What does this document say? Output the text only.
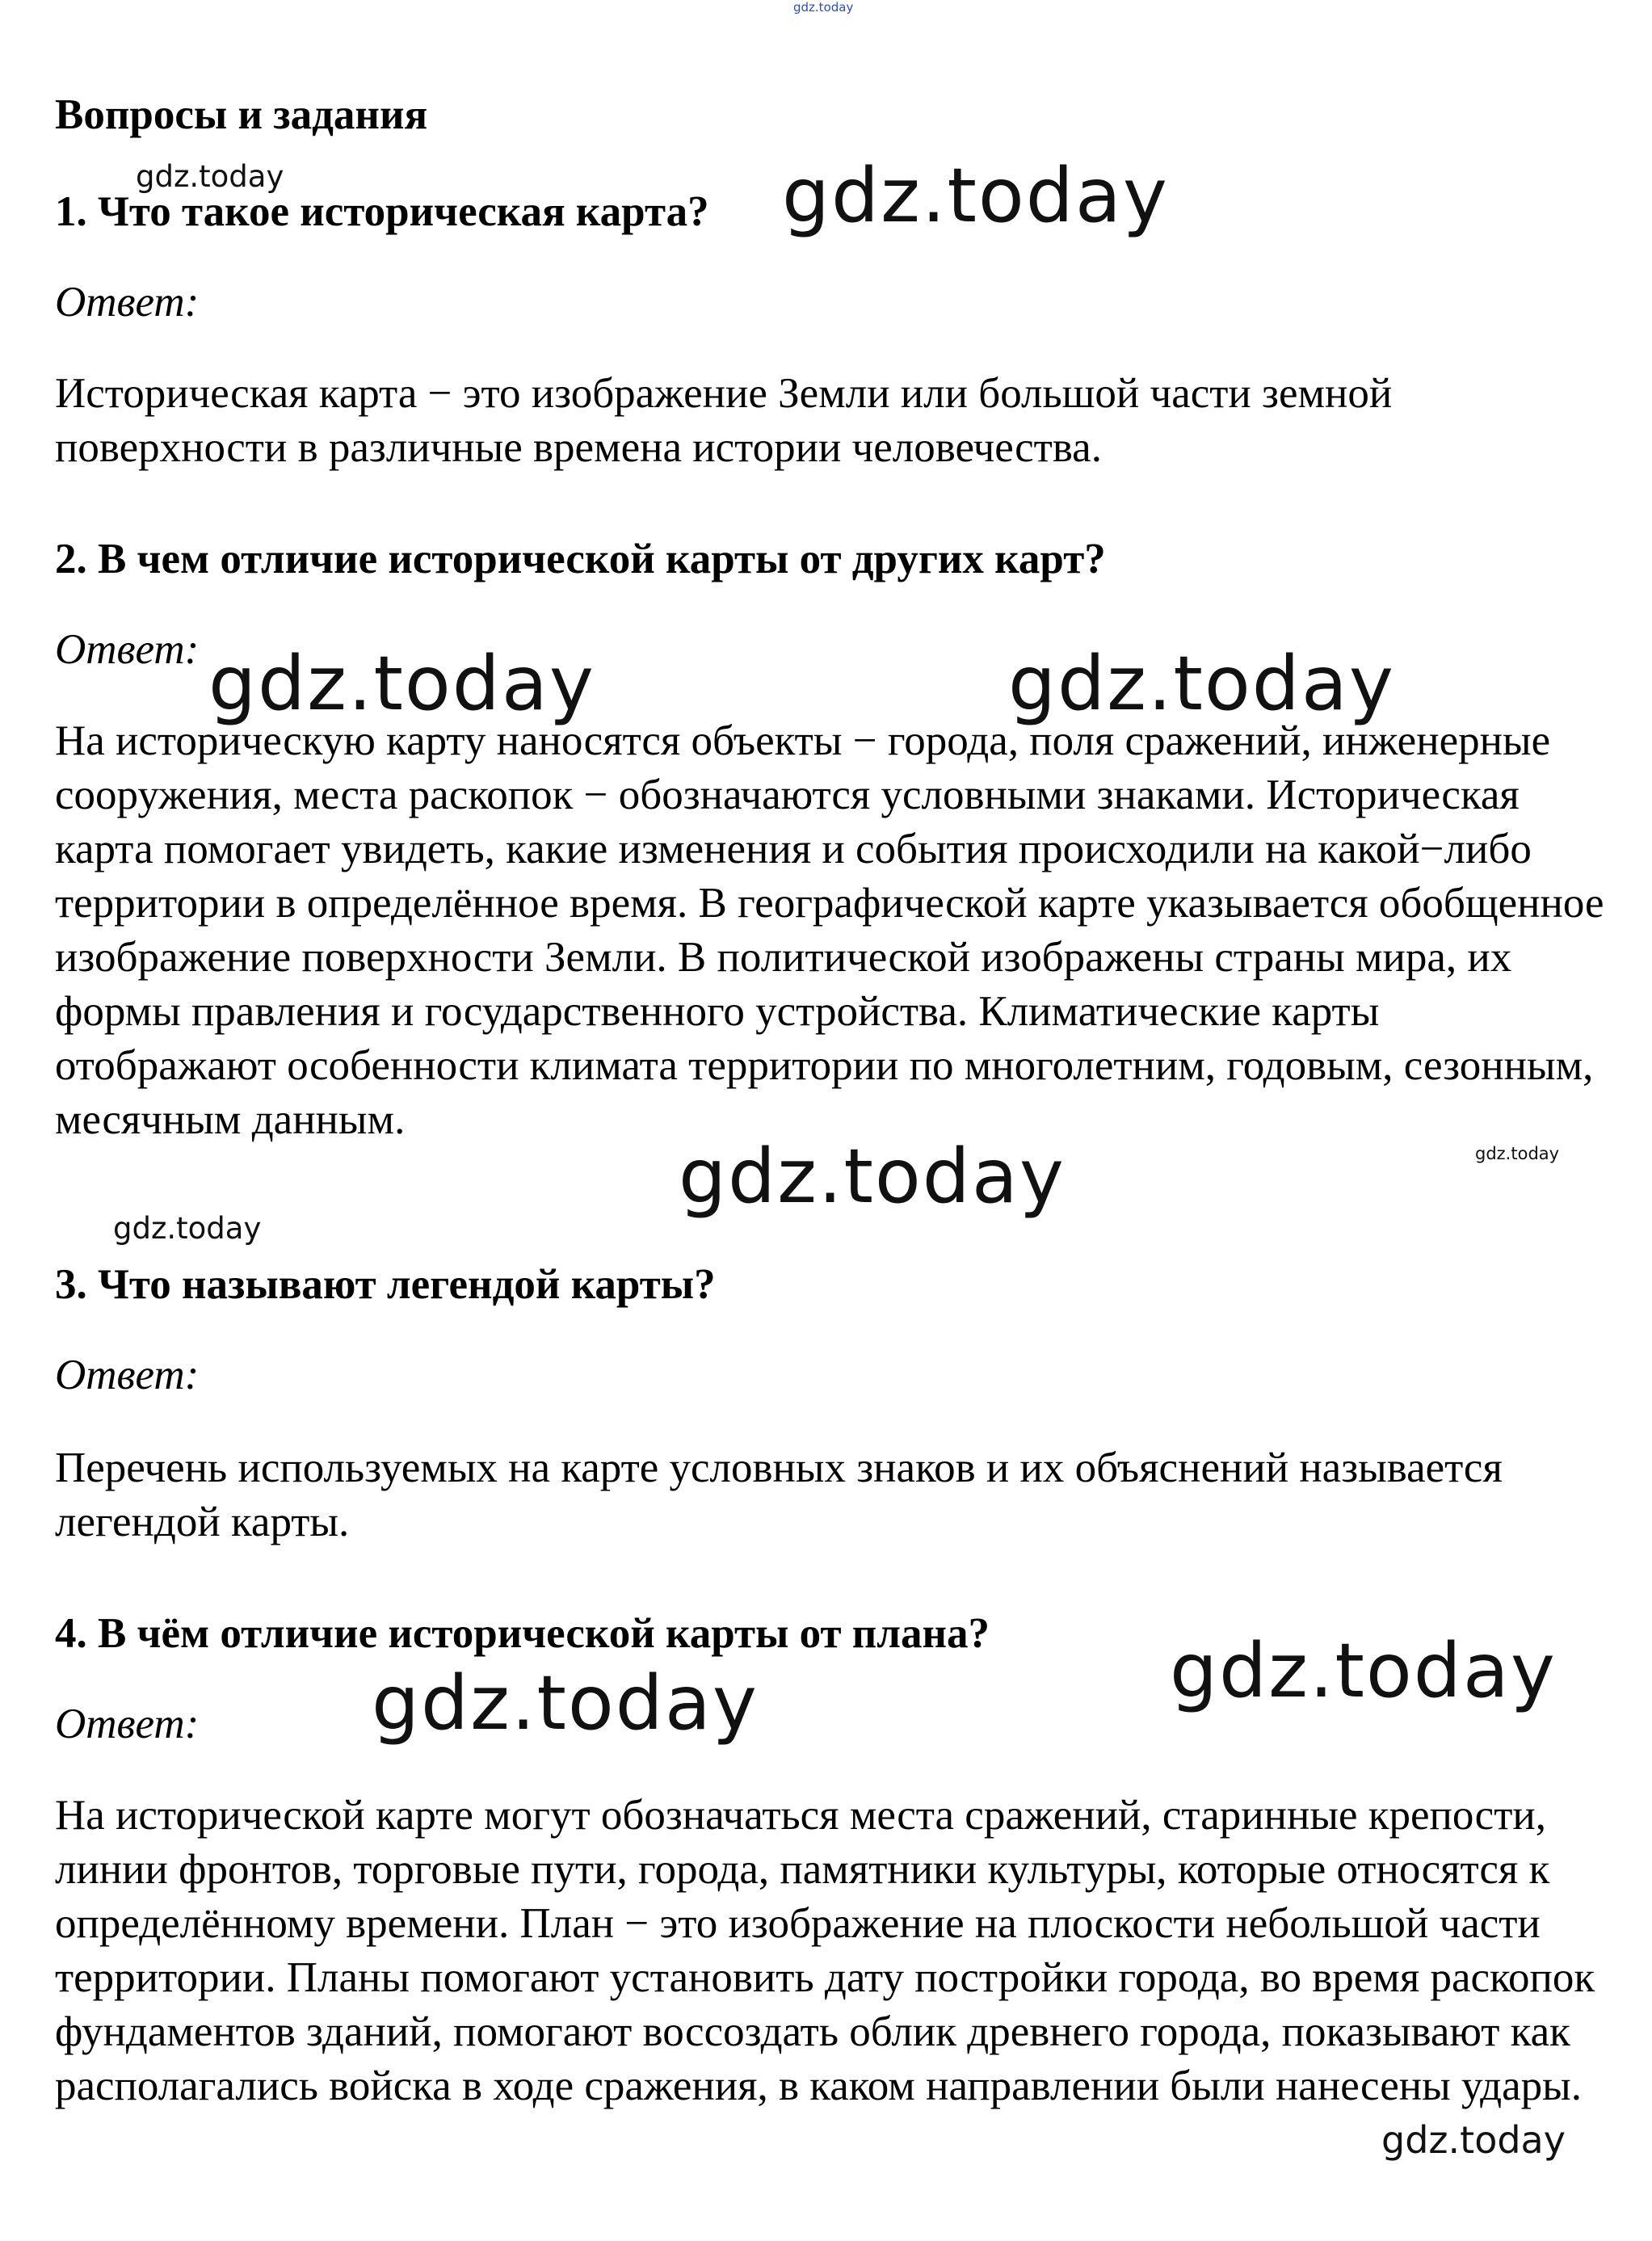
gdz.today

Вопросы и задания

1. Что такое историческая карта?

Ответ:

Историческая карта − это изображение Земли или большой части земной поверхности в различные времена истории человечества.

2. В чем отличие исторической карты от других карт?

Ответ:

На историческую карту наносятся объекты − города, поля сражений, инженерные сооружения, места раскопок − обозначаются условными знаками. Историческая карта помогает увидеть, какие изменения и события происходили на какой−либо территории в определённое время. В географической карте указывается обобщенное изображение поверхности Земли. В политической изображены страны мира, их формы правления и государственного устройства. Климатические карты отображают особенности климата территории по многолетним, годовым, сезонным, месячным данным.

3. Что называют легендой карты?

Ответ:

Перечень используемых на карте условных знаков и их объяснений называется легендой карты.

4. В чём отличие исторической карты от плана?

Ответ:

На исторической карте могут обозначаться места сражений, старинные крепости, линии фронтов, торговые пути, города, памятники культуры, которые относятся к определённому времени. План − это изображение на плоскости небольшой части территории. Планы помогают установить дату постройки города, во время раскопок фундаментов зданий, помогают воссоздать облик древнего города, показывают как располагались войска в ходе сражения, в каком направлении были нанесены удары.

gdz.today	gdz.today
gdz.today	gdz.today
gdz.today	gdz.today
gdz.today
gdz.today
gdz.today
gdz.today
